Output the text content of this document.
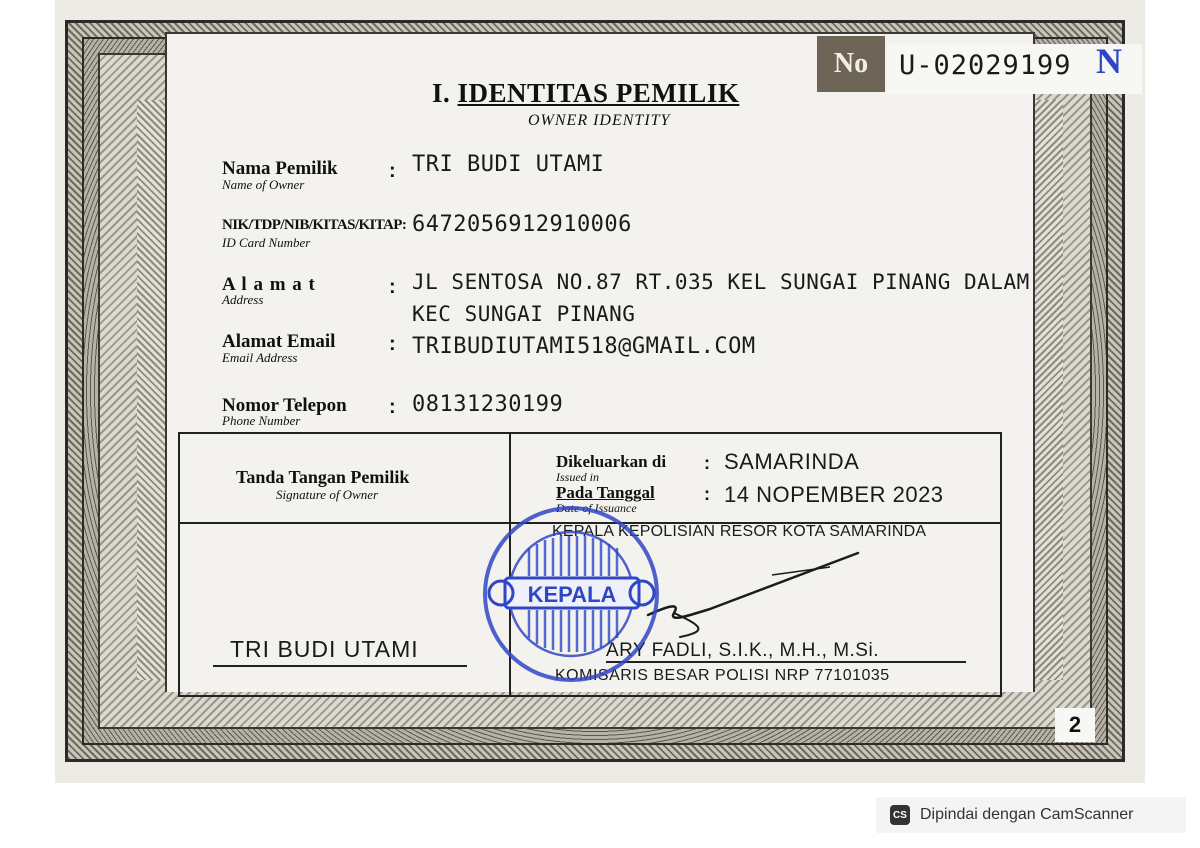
No	U-02029199 N
I. IDENTITAS PEMILIK
OWNER IDENTITY
Nama Pemilik
Name of Owner
: TRI BUDI UTAMI
NIK/TDP/NIB/KITAS/KITAP:
ID Card Number
6472056912910006
A l a m a t
Address
: JL SENTOSA NO.87 RT.035 KEL SUNGAI PINANG DALAM
KEC SUNGAI PINANG
Alamat Email
Email Address
: TRIBUDIUTAMI518@GMAIL.COM
Nomor Telepon
Phone Number
: 08131230199
Tanda Tangan Pemilik
Signature of Owner
TRI BUDI UTAMI
Dikeluarkan di
Issued in
: SAMARINDA
Pada Tanggal
Date of Issuance
: 14 NOPEMBER 2023
KEPALA KEPOLISIAN RESOR KOTA SAMARINDA
ARY FADLI, S.I.K., M.H., M.Si.
KOMISARIS BESAR POLISI NRP 77101035
KEPALA
2
CS Dipindai dengan CamScanner
